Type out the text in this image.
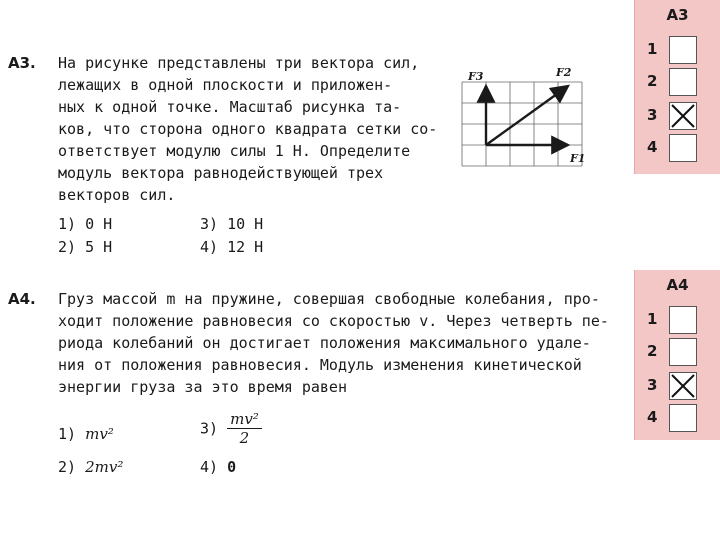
А3. На рисунке представлены три вектора сил,
лежащих в одной плоскости и приложен-
ных к одной точке. Масштаб рисунка та-
ков, что сторона одного квадрата сетки со-
ответствует модулю силы 1 Н. Определите
модуль вектора равнодействующей трех
векторов сил.
1) 0 Н	3) 10 Н
2) 5 Н	4) 12 Н
F3	F2
F1
А4. Груз массой m на пружине, совершая свободные колебания, про-
ходит положение равновесия со скоростью v. Через четверть пе-
риода колебаний он достигает положения максимального удале-
ния от положения равновесия. Модуль изменения кинетической
энергии груза за это время равен
1) mv²	$3) \frac{\text{mv²}}{2}$
2) 2mv²	4) 0
А3
1
2
3
4
А4
1
2
3
4
